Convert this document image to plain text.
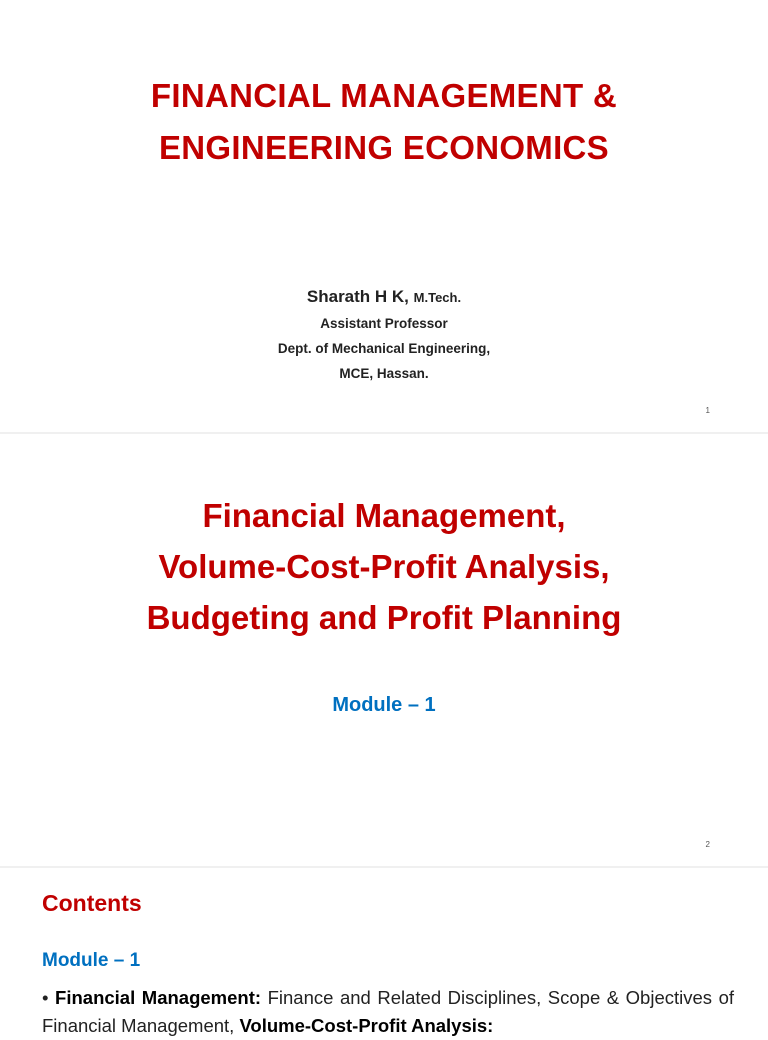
FINANCIAL MANAGEMENT &
ENGINEERING ECONOMICS
Sharath H K, M.Tech.
Assistant Professor
Dept. of Mechanical Engineering,
MCE, Hassan.
1
Financial Management,
Volume-Cost-Profit Analysis,
Budgeting and Profit Planning
Module – 1
2
Contents
Module – 1
• Financial Management: Finance and Related Disciplines, Scope & Objectives of Financial Management, Volume-Cost-Profit Analysis:
